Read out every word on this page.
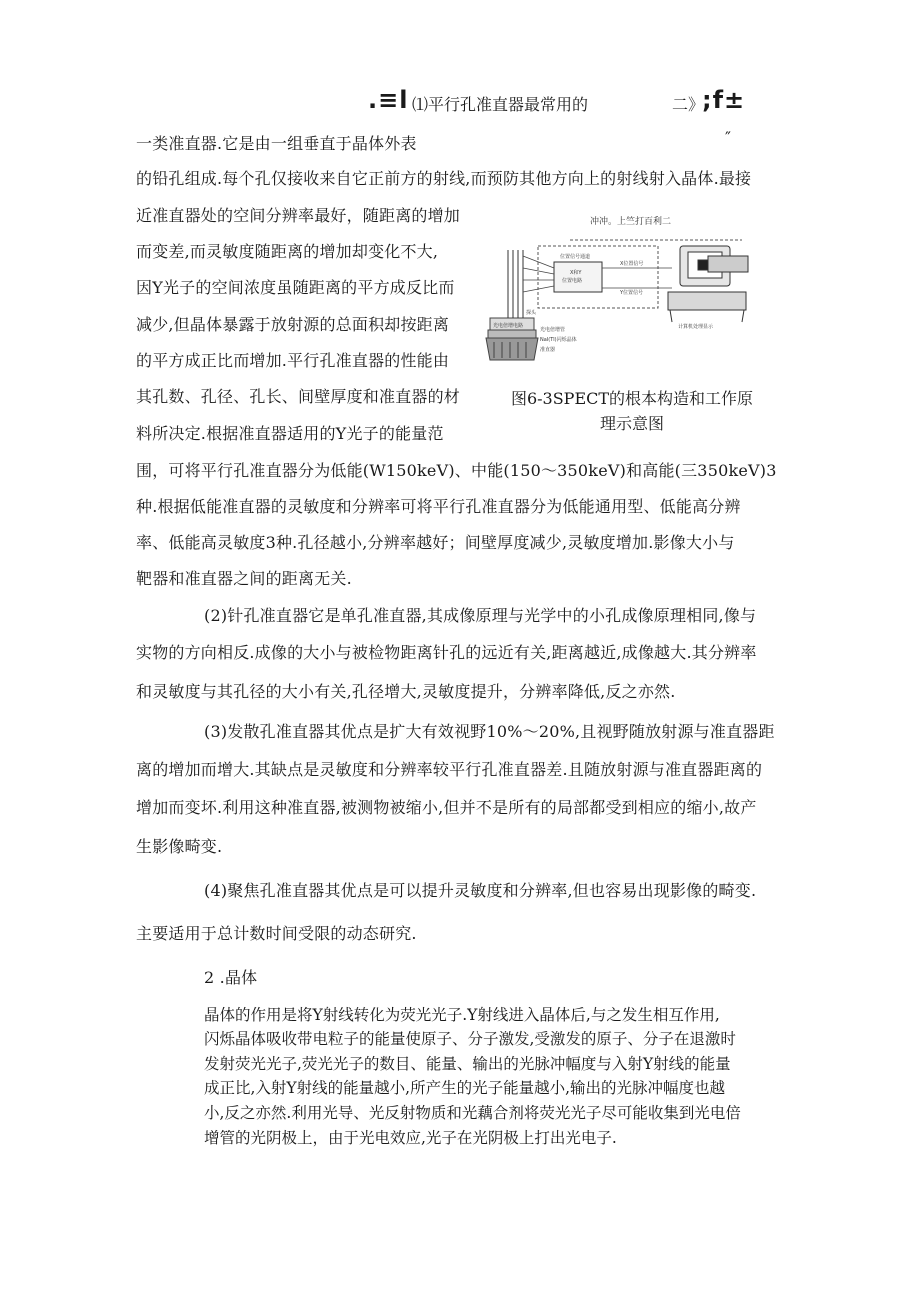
.≡l ⑴平行孔准直器最常用的	二》
;f±
″
一类准直器.它是由一组垂直于晶体外表
的铅孔组成.每个孔仅接收来自它正前方的射线,而预防其他方向上的射线射入晶体.最接
近准直器处的空间分辨率最好，随距离的增加
而变差,而灵敏度随距离的增加却变化不大,
因Y光子的空间浓度虽随距离的平方成反比而
减少,但晶体暴露于放射源的总面积却按距离
的平方成正比而增加.平行孔准直器的性能由
其孔数、孔径、孔长、间壁厚度和准直器的材
料所决定.根据准直器适用的Y光子的能量范
冲冲。上竺打百利二
位置信号通道
X和Y
位置电路
X位置信号
Y位置信号
探头
光电倍增管
NaI(Tl)闪烁晶体
准直器
计算机处理显示
光电倍增电路
图6-3SPECT的根本构造和工作原
理示意图
围，可将平行孔准直器分为低能(W150keV)、中能(150～350keV)和高能(三350keV)3
种.根据低能准直器的灵敏度和分辨率可将平行孔准直器分为低能通用型、低能高分辨
率、低能高灵敏度3种.孔径越小,分辨率越好；间壁厚度减少,灵敏度增加.影像大小与
靶器和准直器之间的距离无关.
(2)针孔准直器它是单孔准直器,其成像原理与光学中的小孔成像原理相同,像与
实物的方向相反.成像的大小与被检物距离针孔的远近有关,距离越近,成像越大.其分辨率
和灵敏度与其孔径的大小有关,孔径增大,灵敏度提升，分辨率降低,反之亦然.
(3)发散孔准直器其优点是扩大有效视野10%～20%,且视野随放射源与准直器距
离的增加而增大.其缺点是灵敏度和分辨率较平行孔准直器差.且随放射源与准直器距离的
增加而变坏.利用这种准直器,被测物被缩小,但并不是所有的局部都受到相应的缩小,故产
生影像畸变.
(4)聚焦孔准直器其优点是可以提升灵敏度和分辨率,但也容易出现影像的畸变.
主要适用于总计数时间受限的动态研究.
2 .晶体
晶体的作用是将Y射线转化为荧光光子.Y射线进入晶体后,与之发生相互作用,
闪烁晶体吸收带电粒子的能量使原子、分子激发,受激发的原子、分子在退激时
发射荧光光子,荧光光子的数目、能量、输出的光脉冲幅度与入射Y射线的能量
成正比,入射Y射线的能量越小,所产生的光子能量越小,输出的光脉冲幅度也越
小,反之亦然.利用光导、光反射物质和光藕合剂将荧光光子尽可能收集到光电倍
增管的光阴极上，由于光电效应,光子在光阴极上打出光电子.
